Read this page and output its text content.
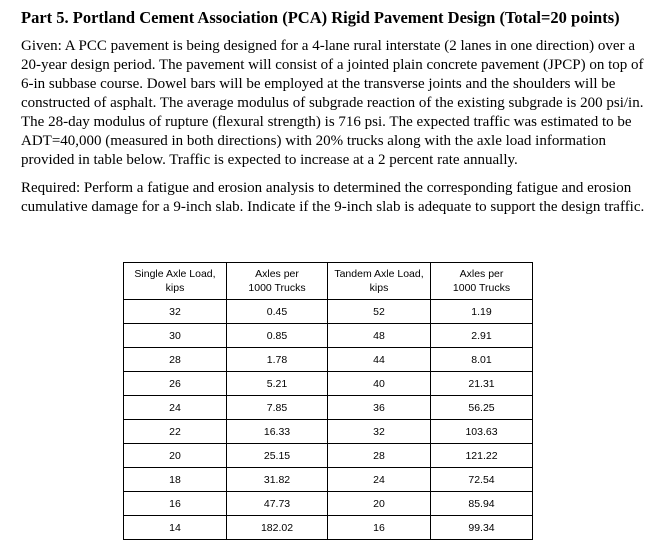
Part 5. Portland Cement Association (PCA) Rigid Pavement Design (Total=20 points)

Given: A PCC pavement is being designed for a 4-lane rural interstate (2 lanes in one direction) over a
20-year design period. The pavement will consist of a jointed plain concrete pavement (JPCP) on top of
6-in subbase course. Dowel bars will be employed at the transverse joints and the shoulders will be
constructed of asphalt. The average modulus of subgrade reaction of the existing subgrade is 200 psi/in.
The 28-day modulus of rupture (flexural strength) is 716 psi. The expected traffic was estimated to be
ADT=40,000 (measured in both directions) with 20% trucks along with the axle load information
provided in table below. Traffic is expected to increase at a 2 percent rate annually.

Required: Perform a fatigue and erosion analysis to determined the corresponding fatigue and erosion
cumulative damage for a 9-inch slab. Indicate if the 9-inch slab is adequate to support the design traffic.

Single Axle Load,
kips	Axles per
1000 Trucks	Tandem Axle Load,
kips	Axles per
1000 Trucks

32	0.45	52	1.19
30	0.85	48	2.91
28	1.78	44	8.01
26	5.21	40	21.31
24	7.85	36	56.25
22	16.33	32	103.63
20	25.15	28	121.22
18	31.82	24	72.54
16	47.73	20	85.94
14	182.02	16	99.34
